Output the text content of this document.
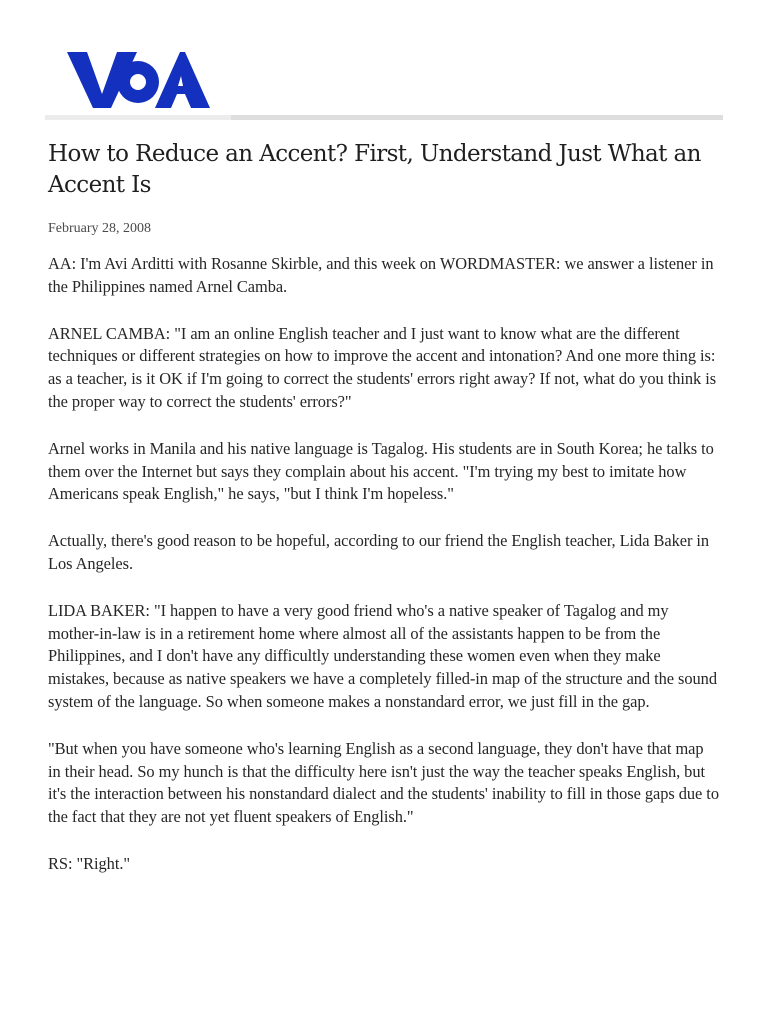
How to Reduce an Accent? First, Understand Just What an Accent Is
February 28, 2008

AA: I'm Avi Arditti with Rosanne Skirble, and this week on WORDMASTER: we answer a listener in the Philippines named Arnel Camba.

ARNEL CAMBA: "I am an online English teacher and I just want to know what are the different techniques or different strategies on how to improve the accent and intonation? And one more thing is: as a teacher, is it OK if I'm going to correct the students' errors right away? If not, what do you think is the proper way to correct the students' errors?"

Arnel works in Manila and his native language is Tagalog. His students are in South Korea; he talks to them over the Internet but says they complain about his accent. "I'm trying my best to imitate how Americans speak English," he says, "but I think I'm hopeless."

Actually, there's good reason to be hopeful, according to our friend the English teacher, Lida Baker in Los Angeles.

LIDA BAKER: "I happen to have a very good friend who's a native speaker of Tagalog and my mother-in-law is in a retirement home where almost all of the assistants happen to be from the Philippines, and I don't have any difficultly understanding these women even when they make mistakes, because as native speakers we have a completely filled-in map of the structure and the sound system of the language. So when someone makes a nonstandard error, we just fill in the gap.

"But when you have someone who's learning English as a second language, they don't have that map in their head. So my hunch is that the difficulty here isn't just the way the teacher speaks English, but it's the interaction between his nonstandard dialect and the students' inability to fill in those gaps due to the fact that they are not yet fluent speakers of English."

RS: "Right."
